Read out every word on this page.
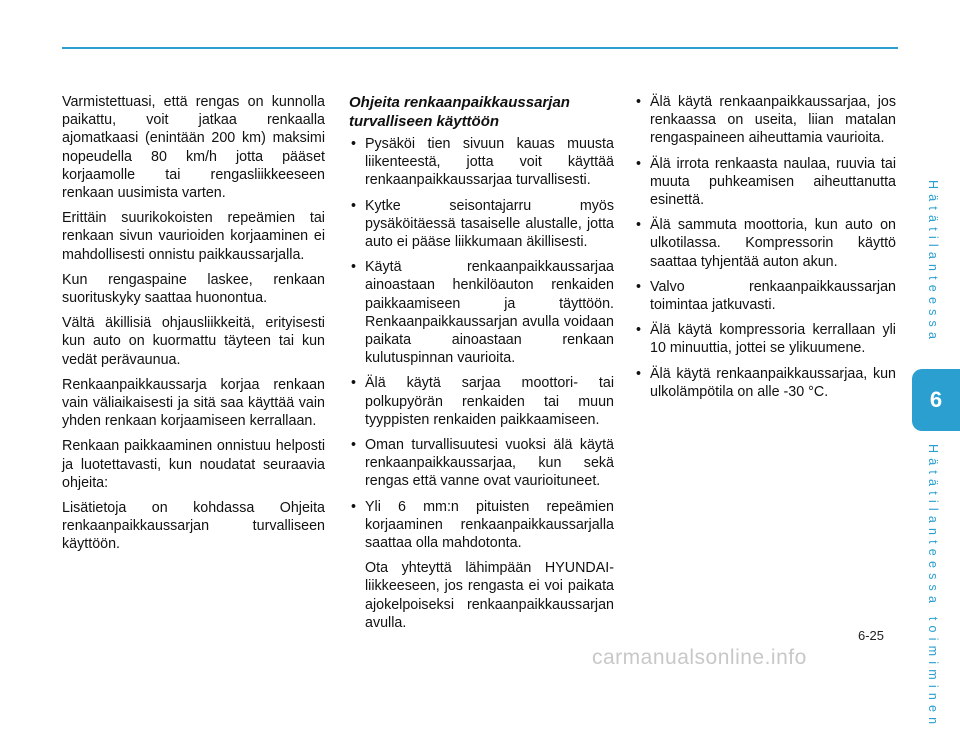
Varmistettuasi, että rengas on kunnolla paikattu, voit jatkaa renkaalla ajomatkaasi (enintään 200 km) maksimi nopeudella 80 km/h jotta pääset korjaamolle tai rengasliikkeeseen renkaan uusimista varten.

Erittäin suurikokoisten repeämien tai renkaan sivun vaurioiden korjaaminen ei mahdollisesti onnistu paikkaussarjalla.

Kun rengaspaine laskee, renkaan suorituskyky saattaa huonontua.

Vältä äkillisiä ohjausliikkeitä, erityisesti kun auto on kuormattu täyteen tai kun vedät perävaunua.

Renkaanpaikkaussarja korjaa renkaan vain väliaikaisesti ja sitä saa käyttää vain yhden renkaan korjaamiseen kerrallaan.

Renkaan paikkaaminen onnistuu helposti ja luotettavasti, kun noudatat seuraavia ohjeita:

Lisätietoja on kohdassa Ohjeita renkaanpaikkaussarjan turvalliseen käyttöön.

Ohjeita renkaanpaikkaussarjan turvalliseen käyttöön
• Pysäköi tien sivuun kauas muusta liikenteestä, jotta voit käyttää renkaanpaikkaussarjaa turvallisesti.
• Kytke seisontajarru myös pysäköitäessä tasaiselle alustalle, jotta auto ei pääse liikkumaan äkillisesti.
• Käytä renkaanpaikkaussarjaa ainoastaan henkilöauton renkaiden paikkaamiseen ja täyttöön. Renkaanpaikkaussarjan avulla voidaan paikata ainoastaan renkaan kulutuspinnan vaurioita.
• Älä käytä sarjaa moottori- tai polkupyörän renkaiden tai muun tyyppisten renkaiden paikkaamiseen.
• Oman turvallisuutesi vuoksi älä käytä renkaanpaikkaussarjaa, kun sekä rengas että vanne ovat vaurioituneet.
• Yli 6 mm:n pituisten repeämien korjaaminen renkaanpaikkaussarjalla saattaa olla mahdotonta.
Ota yhteyttä lähimpään HYUNDAI-liikkeeseen, jos rengasta ei voi paikata ajokelpoiseksi renkaanpaikkaussarjan avulla.
• Älä käytä renkaanpaikkaussarjaa, jos renkaassa on useita, liian matalan rengaspaineen aiheuttamia vaurioita.
• Älä irrota renkaasta naulaa, ruuvia tai muuta puhkeamisen aiheuttanutta esinettä.
• Älä sammuta moottoria, kun auto on ulkotilassa. Kompressorin käyttö saattaa tyhjentää auton akun.
• Valvo renkaanpaikkaussarjan toimintaa jatkuvasti.
• Älä käytä kompressoria kerrallaan yli 10 minuuttia, jottei se ylikuumene.
• Älä käytä renkaanpaikkaussarjaa, kun ulkolämpötila on alle -30 °C.
Hätätilanteessa
6
Hätätilanteessa toimiminen
6-25
carmanualsonline.info
